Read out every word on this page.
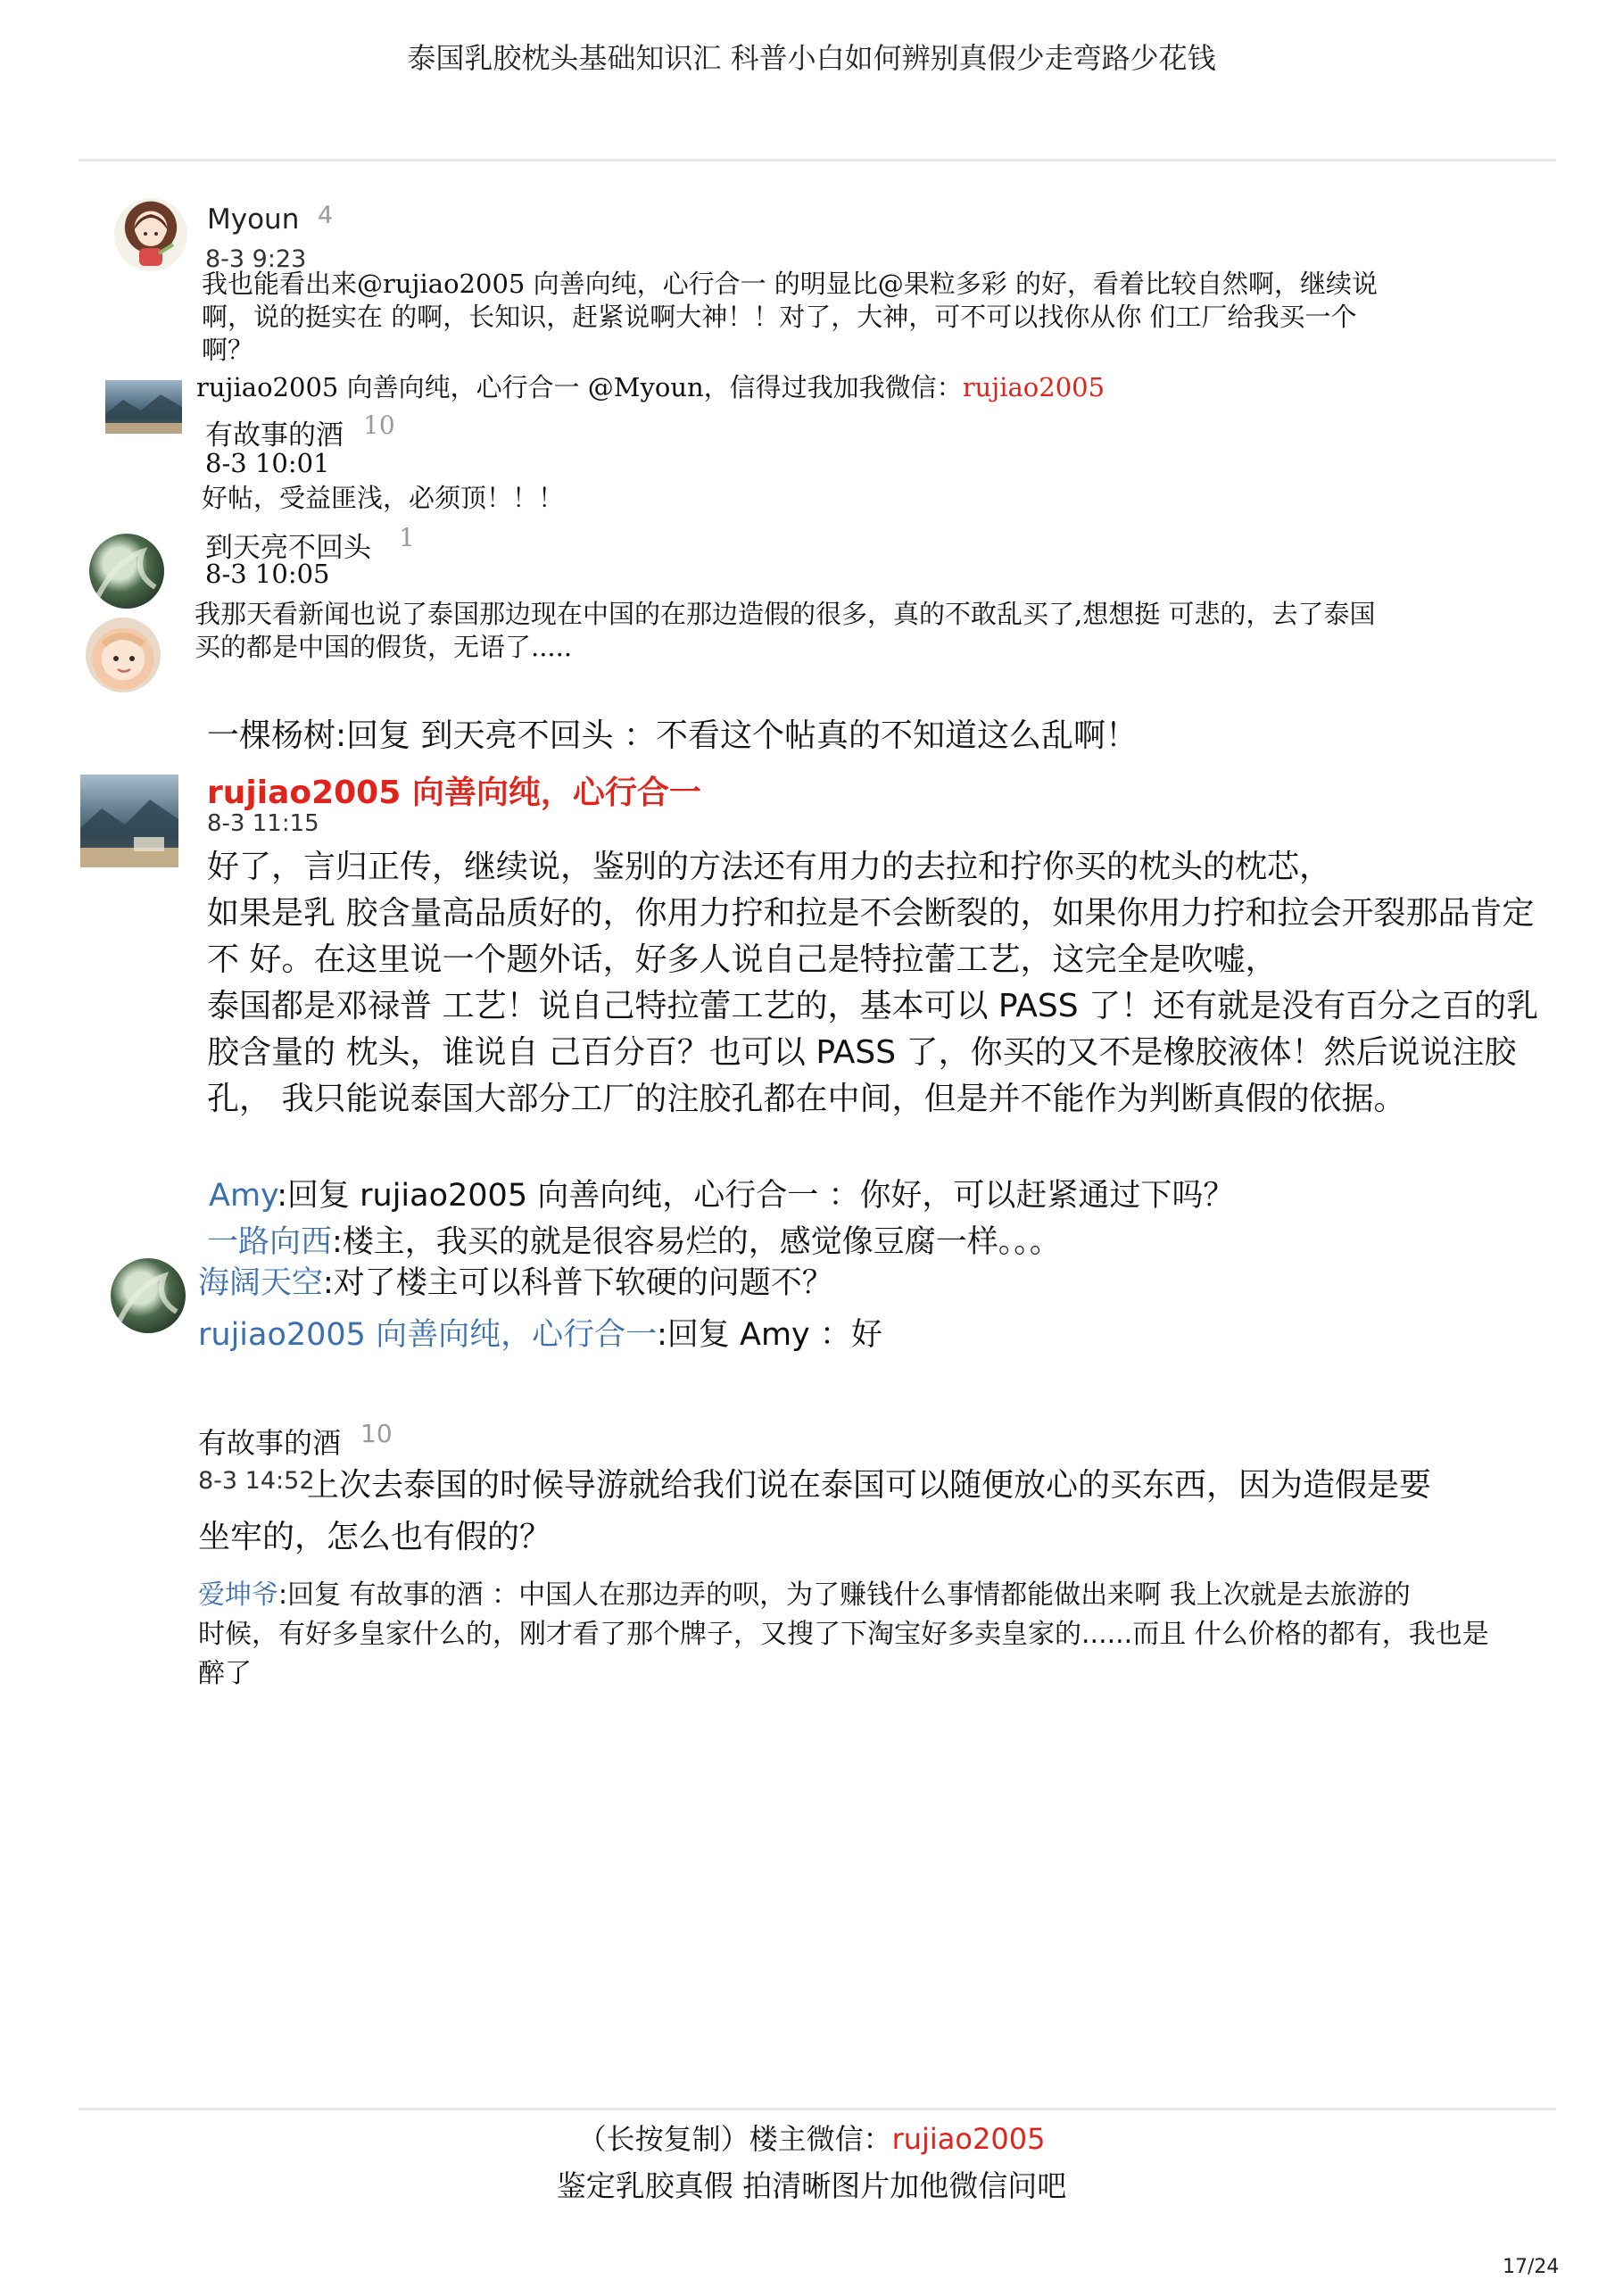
泰国乳胶枕头基础知识汇 科普小白如何辨别真假少走弯路少花钱
Myoun 4
8-3 9:23
我也能看出来@rujiao2005 向善向纯，心行合一 的明显比@果粒多彩 的好，看着比较自然啊，继续说
啊，说的挺实在 的啊，长知识，赶紧说啊大神！！对了，大神，可不可以找你从你 们工厂给我买一个
啊？
rujiao2005 向善向纯，心行合一 @Myoun，信得过我加我微信：rujiao2005
有故事的酒 10
8-3 10:01
好帖，受益匪浅，必须顶！！！
到天亮不回头 1
8-3 10:05
我那天看新闻也说了泰国那边现在中国的在那边造假的很多，真的不敢乱买了,想想挺 可悲的，去了泰国
买的都是中国的假货，无语了.....
一棵杨树:回复 到天亮不回头 ：不看这个帖真的不知道这么乱啊！
rujiao2005 向善向纯，心行合一
8-3 11:15
好了，言归正传，继续说，鉴别的方法还有用力的去拉和拧你买的枕头的枕芯，
如果是乳 胶含量高品质好的，你用力拧和拉是不会断裂的，如果你用力拧和拉会开裂那品肯定
不 好。在这里说一个题外话，好多人说自己是特拉蕾工艺，这完全是吹嘘，
泰国都是邓禄普 工艺！说自己特拉蕾工艺的，基本可以 PASS 了！还有就是没有百分之百的乳
胶含量的 枕头，谁说自 己百分百？也可以 PASS 了，你买的又不是橡胶液体！然后说说注胶
孔， 我只能说泰国大部分工厂的注胶孔都在中间，但是并不能作为判断真假的依据。
Amy:回复 rujiao2005 向善向纯，心行合一 ：你好，可以赶紧通过下吗？
一路向西:楼主，我买的就是很容易烂的，感觉像豆腐一样。。。
海阔天空:对了楼主可以科普下软硬的问题不？
rujiao2005 向善向纯，心行合一:回复 Amy ：好
有故事的酒 10
8-3 14:52
上次去泰国的时候导游就给我们说在泰国可以随便放心的买东西，因为造假是要
坐牢的，怎么也有假的？
爱坤爷:回复 有故事的酒 ：中国人在那边弄的呗，为了赚钱什么事情都能做出来啊 我上次就是去旅游的
时候，有好多皇家什么的，刚才看了那个牌子，又搜了下淘宝好多卖皇家的......而且 什么价格的都有，我也是
醉了
（长按复制）楼主微信：rujiao2005
鉴定乳胶真假 拍清晰图片加他微信问吧
17/24
